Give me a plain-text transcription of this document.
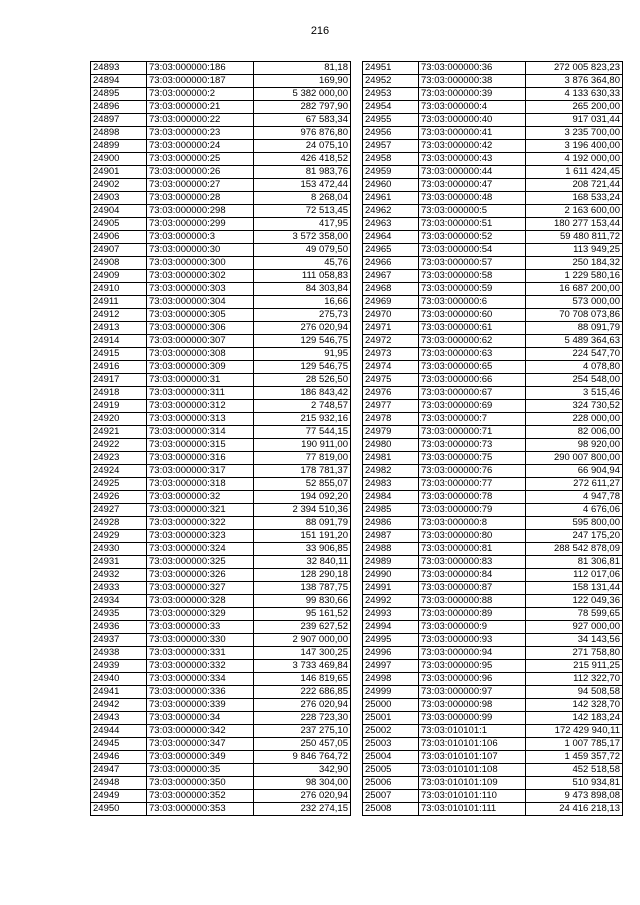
216
24893	73:03:000000:186	81,18
24894	73:03:000000:187	169,90
24895	73:03:000000:2	5 382 000,00
24896	73:03:000000:21	282 797,90
24897	73:03:000000:22	67 583,34
24898	73:03:000000:23	976 876,80
24899	73:03:000000:24	24 075,10
24900	73:03:000000:25	426 418,52
24901	73:03:000000:26	81 983,76
24902	73:03:000000:27	153 472,44
24903	73:03:000000:28	8 268,04
24904	73:03:000000:298	72 513,45
24905	73:03:000000:299	417,95
24906	73:03:000000:3	3 572 358,00
24907	73:03:000000:30	49 079,50
24908	73:03:000000:300	45,76
24909	73:03:000000:302	111 058,83
24910	73:03:000000:303	84 303,84
24911	73:03:000000:304	16,66
24912	73:03:000000:305	275,73
24913	73:03:000000:306	276 020,94
24914	73:03:000000:307	129 546,75
24915	73:03:000000:308	91,95
24916	73:03:000000:309	129 546,75
24917	73:03:000000:31	28 526,50
24918	73:03:000000:311	186 843,42
24919	73:03:000000:312	2 748,57
24920	73:03:000000:313	215 932,16
24921	73:03:000000:314	77 544,15
24922	73:03:000000:315	190 911,00
24923	73:03:000000:316	77 819,00
24924	73:03:000000:317	178 781,37
24925	73:03:000000:318	52 855,07
24926	73:03:000000:32	194 092,20
24927	73:03:000000:321	2 394 510,36
24928	73:03:000000:322	88 091,79
24929	73:03:000000:323	151 191,20
24930	73:03:000000:324	33 906,85
24931	73:03:000000:325	32 840,11
24932	73:03:000000:326	128 290,18
24933	73:03:000000:327	138 787,75
24934	73:03:000000:328	99 830,66
24935	73:03:000000:329	95 161,52
24936	73:03:000000:33	239 627,52
24937	73:03:000000:330	2 907 000,00
24938	73:03:000000:331	147 300,25
24939	73:03:000000:332	3 733 469,84
24940	73:03:000000:334	146 819,65
24941	73:03:000000:336	222 686,85
24942	73:03:000000:339	276 020,94
24943	73:03:000000:34	228 723,30
24944	73:03:000000:342	237 275,10
24945	73:03:000000:347	250 457,05
24946	73:03:000000:349	9 846 764,72
24947	73:03:000000:35	342,90
24948	73:03:000000:350	98 304,00
24949	73:03:000000:352	276 020,94
24950	73:03:000000:353	232 274,15
24951	73:03:000000:36	272 005 823,23
24952	73:03:000000:38	3 876 364,80
24953	73:03:000000:39	4 133 630,33
24954	73:03:000000:4	265 200,00
24955	73:03:000000:40	917 031,44
24956	73:03:000000:41	3 235 700,00
24957	73:03:000000:42	3 196 400,00
24958	73:03:000000:43	4 192 000,00
24959	73:03:000000:44	1 611 424,45
24960	73:03:000000:47	208 721,44
24961	73:03:000000:48	168 533,24
24962	73:03:000000:5	2 163 600,00
24963	73:03:000000:51	180 277 153,44
24964	73:03:000000:52	59 480 811,72
24965	73:03:000000:54	113 949,25
24966	73:03:000000:57	250 184,32
24967	73:03:000000:58	1 229 580,16
24968	73:03:000000:59	16 687 200,00
24969	73:03:000000:6	573 000,00
24970	73:03:000000:60	70 708 073,86
24971	73:03:000000:61	88 091,79
24972	73:03:000000:62	5 489 364,63
24973	73:03:000000:63	224 547,70
24974	73:03:000000:65	4 078,80
24975	73:03:000000:66	254 548,00
24976	73:03:000000:67	3 515,46
24977	73:03:000000:69	324 730,52
24978	73:03:000000:7	228 000,00
24979	73:03:000000:71	82 006,00
24980	73:03:000000:73	98 920,00
24981	73:03:000000:75	290 007 800,00
24982	73:03:000000:76	66 904,94
24983	73:03:000000:77	272 611,27
24984	73:03:000000:78	4 947,78
24985	73:03:000000:79	4 676,06
24986	73:03:000000:8	595 800,00
24987	73:03:000000:80	247 175,20
24988	73:03:000000:81	288 542 878,09
24989	73:03:000000:83	81 306,81
24990	73:03:000000:84	112 017,06
24991	73:03:000000:87	158 131,44
24992	73:03:000000:88	122 049,36
24993	73:03:000000:89	78 599,65
24994	73:03:000000:9	927 000,00
24995	73:03:000000:93	34 143,56
24996	73:03:000000:94	271 758,80
24997	73:03:000000:95	215 911,25
24998	73:03:000000:96	112 322,70
24999	73:03:000000:97	94 508,58
25000	73:03:000000:98	142 328,70
25001	73:03:000000:99	142 183,24
25002	73:03:010101:1	172 429 940,11
25003	73:03:010101:106	1 007 785,17
25004	73:03:010101:107	1 459 357,72
25005	73:03:010101:108	452 518,58
25006	73:03:010101:109	510 934,81
25007	73:03:010101:110	9 473 898,08
25008	73:03:010101:111	24 416 218,13
